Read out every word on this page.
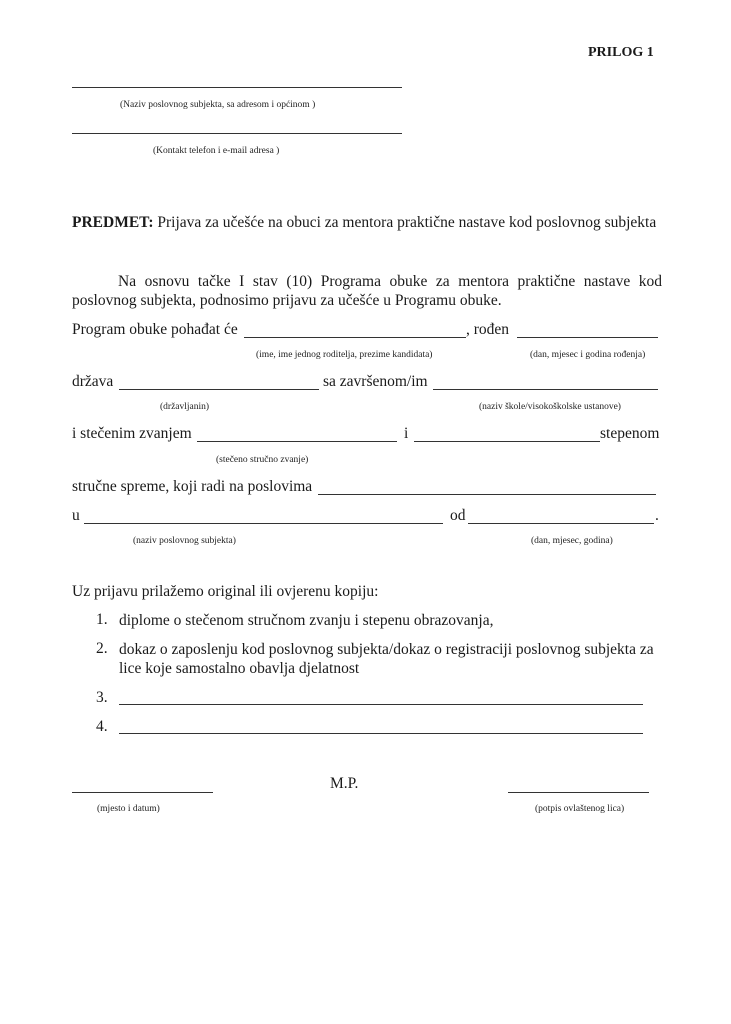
PRILOG 1
(Naziv poslovnog subjekta, sa adresom i općinom )
(Kontakt telefon i e-mail adresa )
PREDMET: Prijava za učešće na obuci za mentora praktične nastave kod poslovnog subjekta
Na osnovu tačke I stav (10) Programa obuke za mentora praktične nastave kod poslovnog subjekta, podnosimo prijavu za učešće u Programu obuke.
Program obuke pohađat će	, rođen
(ime, ime jednog roditelja, prezime kandidata)	(dan, mjesec i godina rođenja)
država	sa završenom/im
(državljanin)	(naziv škole/visokoškolske ustanove)
i stečenim zvanjem	i	stepenom
(stečeno stručno zvanje)
stručne spreme, koji radi na poslovima
u	od	.
(naziv poslovnog subjekta)	(dan, mjesec, godina)
Uz prijavu prilažemo original ili ovjerenu kopiju:
1. diplome o stečenom stručnom zvanju i stepenu obrazovanja,
2. dokaz o zaposlenju kod poslovnog subjekta/dokaz o registraciji poslovnog subjekta za lice koje samostalno obavlja djelatnost
3.
4.
M.P.
(mjesto i datum)	(potpis ovlaštenog lica)
